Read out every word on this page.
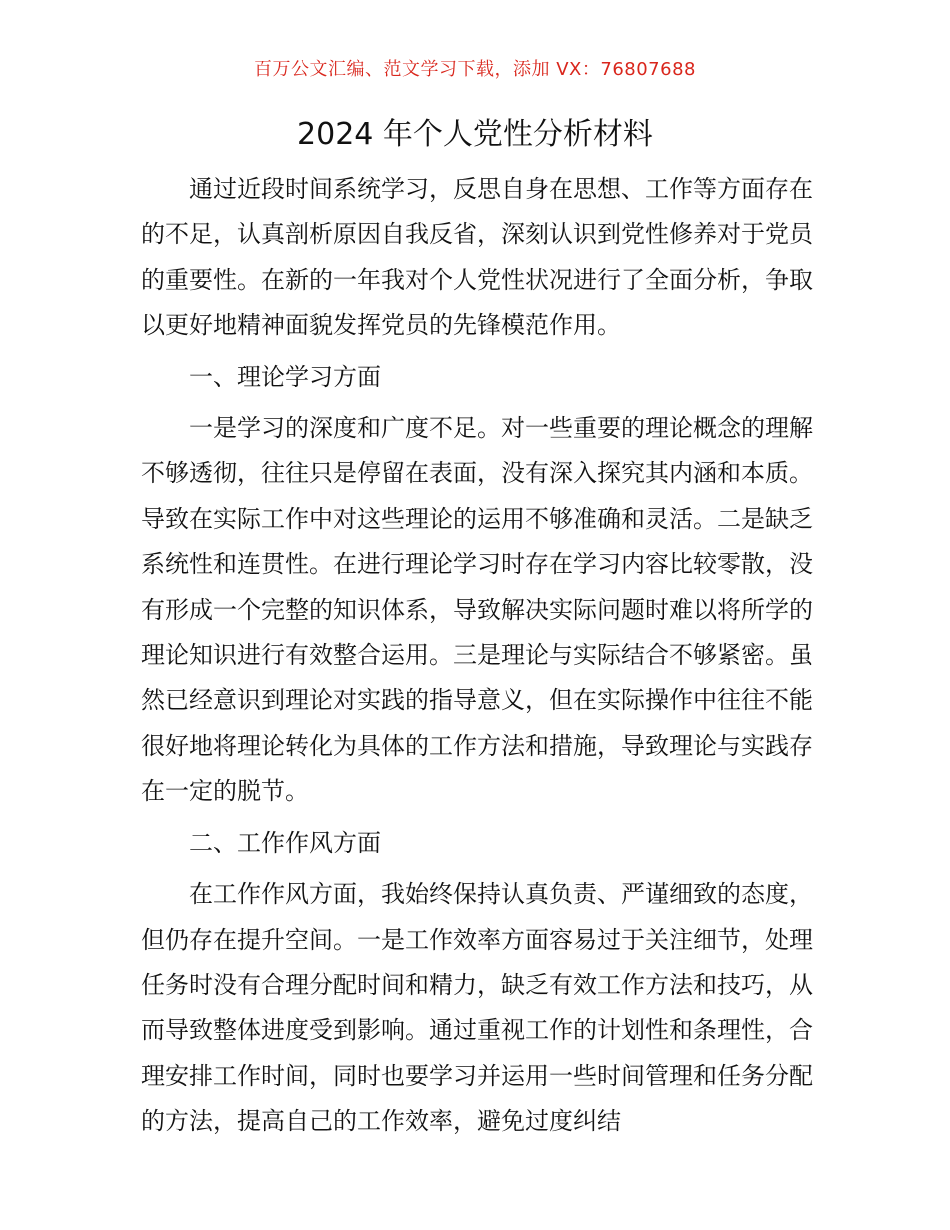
百万公文汇编、范文学习下载，添加 VX：76807688
2024 年个人党性分析材料

通过近段时间系统学习，反思自身在思想、工作等方面存在的不足，认真剖析原因自我反省，深刻认识到党性修养对于党员的重要性。在新的一年我对个人党性状况进行了全面分析，争取以更好地精神面貌发挥党员的先锋模范作用。

一、理论学习方面

一是学习的深度和广度不足。对一些重要的理论概念的理解不够透彻，往往只是停留在表面，没有深入探究其内涵和本质。导致在实际工作中对这些理论的运用不够准确和灵活。二是缺乏系统性和连贯性。在进行理论学习时存在学习内容比较零散，没有形成一个完整的知识体系，导致解决实际问题时难以将所学的理论知识进行有效整合运用。三是理论与实际结合不够紧密。虽然已经意识到理论对实践的指导意义，但在实际操作中往往不能很好地将理论转化为具体的工作方法和措施，导致理论与实践存在一定的脱节。

二、工作作风方面

在工作作风方面，我始终保持认真负责、严谨细致的态度，但仍存在提升空间。一是工作效率方面容易过于关注细节，处理任务时没有合理分配时间和精力，缺乏有效工作方法和技巧，从而导致整体进度受到影响。通过重视工作的计划性和条理性，合理安排工作时间，同时也要学习并运用一些时间管理和任务分配的方法，提高自己的工作效率，避免过度纠结
